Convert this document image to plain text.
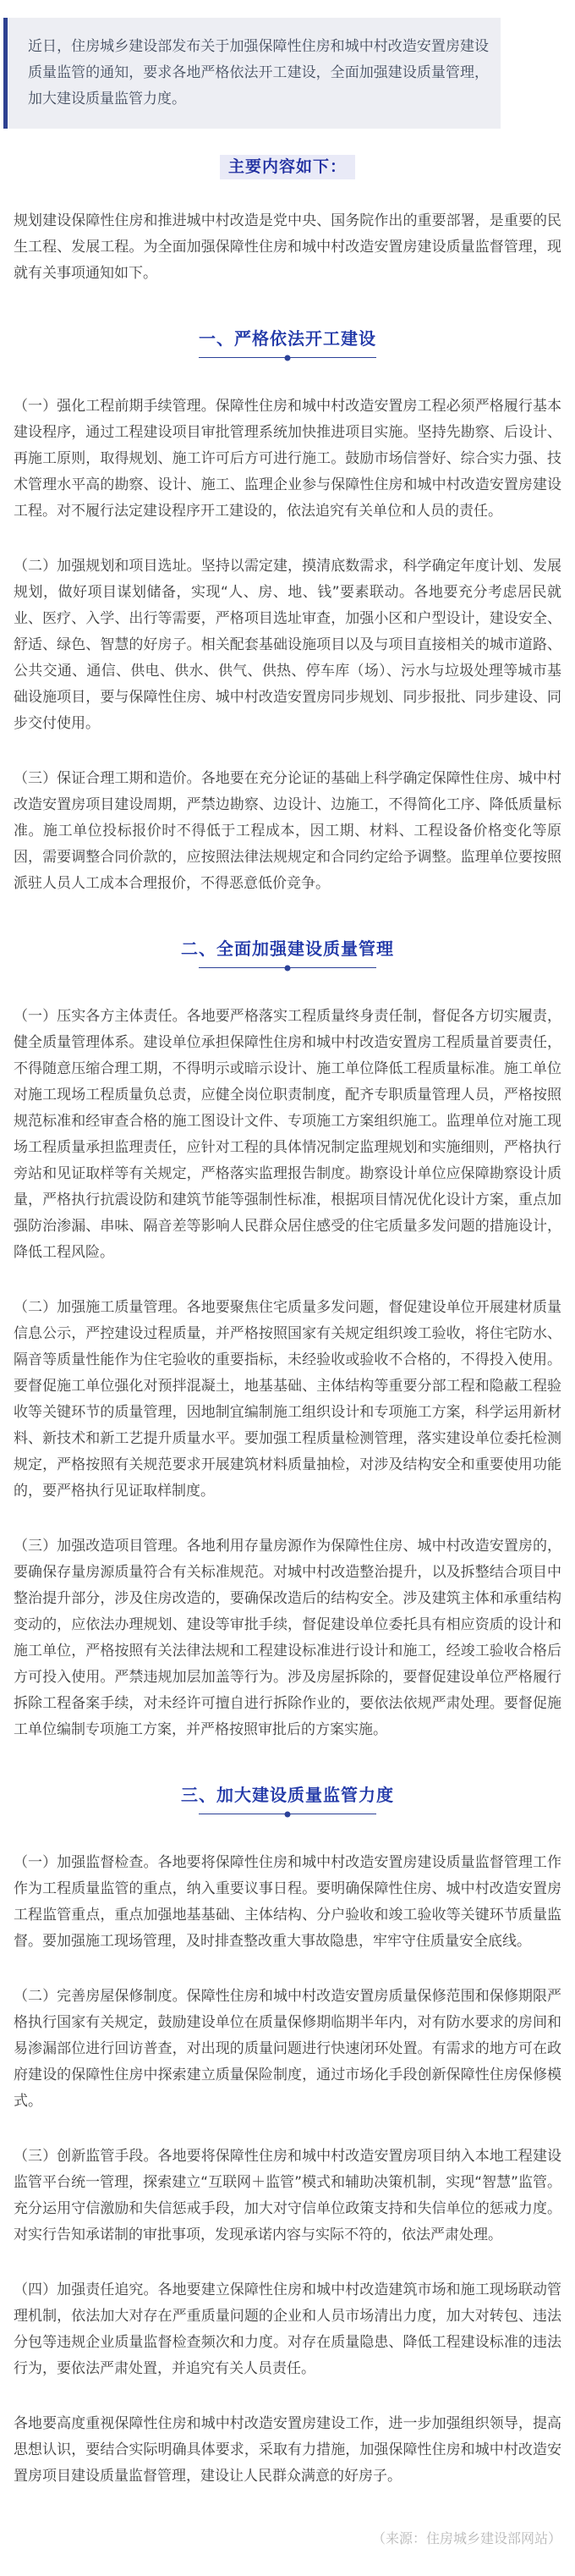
近日，住房城乡建设部发布关于加强保障性住房和城中村改造安置房建设质量监管的通知，要求各地严格依法开工建设，全面加强建设质量管理，加大建设质量监管力度。

主要内容如下：

规划建设保障性住房和推进城中村改造是党中央、国务院作出的重要部署，是重要的民生工程、发展工程。为全面加强保障性住房和城中村改造安置房建设质量监督管理，现就有关事项通知如下。

一、严格依法开工建设

（一）强化工程前期手续管理。保障性住房和城中村改造安置房工程必须严格履行基本建设程序，通过工程建设项目审批管理系统加快推进项目实施。坚持先勘察、后设计、再施工原则，取得规划、施工许可后方可进行施工。鼓励市场信誉好、综合实力强、技术管理水平高的勘察、设计、施工、监理企业参与保障性住房和城中村改造安置房建设工程。对不履行法定建设程序开工建设的，依法追究有关单位和人员的责任。

（二）加强规划和项目选址。坚持以需定建，摸清底数需求，科学确定年度计划、发展规划，做好项目谋划储备，实现“人、房、地、钱”要素联动。各地要充分考虑居民就业、医疗、入学、出行等需要，严格项目选址审查，加强小区和户型设计，建设安全、舒适、绿色、智慧的好房子。相关配套基础设施项目以及与项目直接相关的城市道路、公共交通、通信、供电、供水、供气、供热、停车库（场）、污水与垃圾处理等城市基础设施项目，要与保障性住房、城中村改造安置房同步规划、同步报批、同步建设、同步交付使用。

（三）保证合理工期和造价。各地要在充分论证的基础上科学确定保障性住房、城中村改造安置房项目建设周期，严禁边勘察、边设计、边施工，不得简化工序、降低质量标准。施工单位投标报价时不得低于工程成本，因工期、材料、工程设备价格变化等原因，需要调整合同价款的，应按照法律法规规定和合同约定给予调整。监理单位要按照派驻人员人工成本合理报价，不得恶意低价竞争。

二、全面加强建设质量管理

（一）压实各方主体责任。各地要严格落实工程质量终身责任制，督促各方切实履责，健全质量管理体系。建设单位承担保障性住房和城中村改造安置房工程质量首要责任，不得随意压缩合理工期，不得明示或暗示设计、施工单位降低工程质量标准。施工单位对施工现场工程质量负总责，应健全岗位职责制度，配齐专职质量管理人员，严格按照规范标准和经审查合格的施工图设计文件、专项施工方案组织施工。监理单位对施工现场工程质量承担监理责任，应针对工程的具体情况制定监理规划和实施细则，严格执行旁站和见证取样等有关规定，严格落实监理报告制度。勘察设计单位应保障勘察设计质量，严格执行抗震设防和建筑节能等强制性标准，根据项目情况优化设计方案，重点加强防治渗漏、串味、隔音差等影响人民群众居住感受的住宅质量多发问题的措施设计，降低工程风险。

（二）加强施工质量管理。各地要聚焦住宅质量多发问题，督促建设单位开展建材质量信息公示，严控建设过程质量，并严格按照国家有关规定组织竣工验收，将住宅防水、隔音等质量性能作为住宅验收的重要指标，未经验收或验收不合格的，不得投入使用。要督促施工单位强化对预拌混凝土，地基基础、主体结构等重要分部工程和隐蔽工程验收等关键环节的质量管理，因地制宜编制施工组织设计和专项施工方案，科学运用新材料、新技术和新工艺提升质量水平。要加强工程质量检测管理，落实建设单位委托检测规定，严格按照有关规范要求开展建筑材料质量抽检，对涉及结构安全和重要使用功能的，要严格执行见证取样制度。

（三）加强改造项目管理。各地利用存量房源作为保障性住房、城中村改造安置房的，要确保存量房源质量符合有关标准规范。对城中村改造整治提升，以及拆整结合项目中整治提升部分，涉及住房改造的，要确保改造后的结构安全。涉及建筑主体和承重结构变动的，应依法办理规划、建设等审批手续，督促建设单位委托具有相应资质的设计和施工单位，严格按照有关法律法规和工程建设标准进行设计和施工，经竣工验收合格后方可投入使用。严禁违规加层加盖等行为。涉及房屋拆除的，要督促建设单位严格履行拆除工程备案手续，对未经许可擅自进行拆除作业的，要依法依规严肃处理。要督促施工单位编制专项施工方案，并严格按照审批后的方案实施。

三、加大建设质量监管力度

（一）加强监督检查。各地要将保障性住房和城中村改造安置房建设质量监督管理工作作为工程质量监管的重点，纳入重要议事日程。要明确保障性住房、城中村改造安置房工程监管重点，重点加强地基基础、主体结构、分户验收和竣工验收等关键环节质量监督。要加强施工现场管理，及时排查整改重大事故隐患，牢牢守住质量安全底线。

（二）完善房屋保修制度。保障性住房和城中村改造安置房质量保修范围和保修期限严格执行国家有关规定，鼓励建设单位在质量保修期临期半年内，对有防水要求的房间和易渗漏部位进行回访普查，对出现的质量问题进行快速闭环处置。有需求的地方可在政府建设的保障性住房中探索建立质量保险制度，通过市场化手段创新保障性住房保修模式。

（三）创新监管手段。各地要将保障性住房和城中村改造安置房项目纳入本地工程建设监管平台统一管理，探索建立“互联网＋监管”模式和辅助决策机制，实现“智慧”监管。充分运用守信激励和失信惩戒手段，加大对守信单位政策支持和失信单位的惩戒力度。对实行告知承诺制的审批事项，发现承诺内容与实际不符的，依法严肃处理。

（四）加强责任追究。各地要建立保障性住房和城中村改造建筑市场和施工现场联动管理机制，依法加大对存在严重质量问题的企业和人员市场清出力度，加大对转包、违法分包等违规企业质量监督检查频次和力度。对存在质量隐患、降低工程建设标准的违法行为，要依法严肃处置，并追究有关人员责任。

各地要高度重视保障性住房和城中村改造安置房建设工作，进一步加强组织领导，提高思想认识，要结合实际明确具体要求，采取有力措施，加强保障性住房和城中村改造安置房项目建设质量监督管理，建设让人民群众满意的好房子。

（来源：住房城乡建设部网站）
